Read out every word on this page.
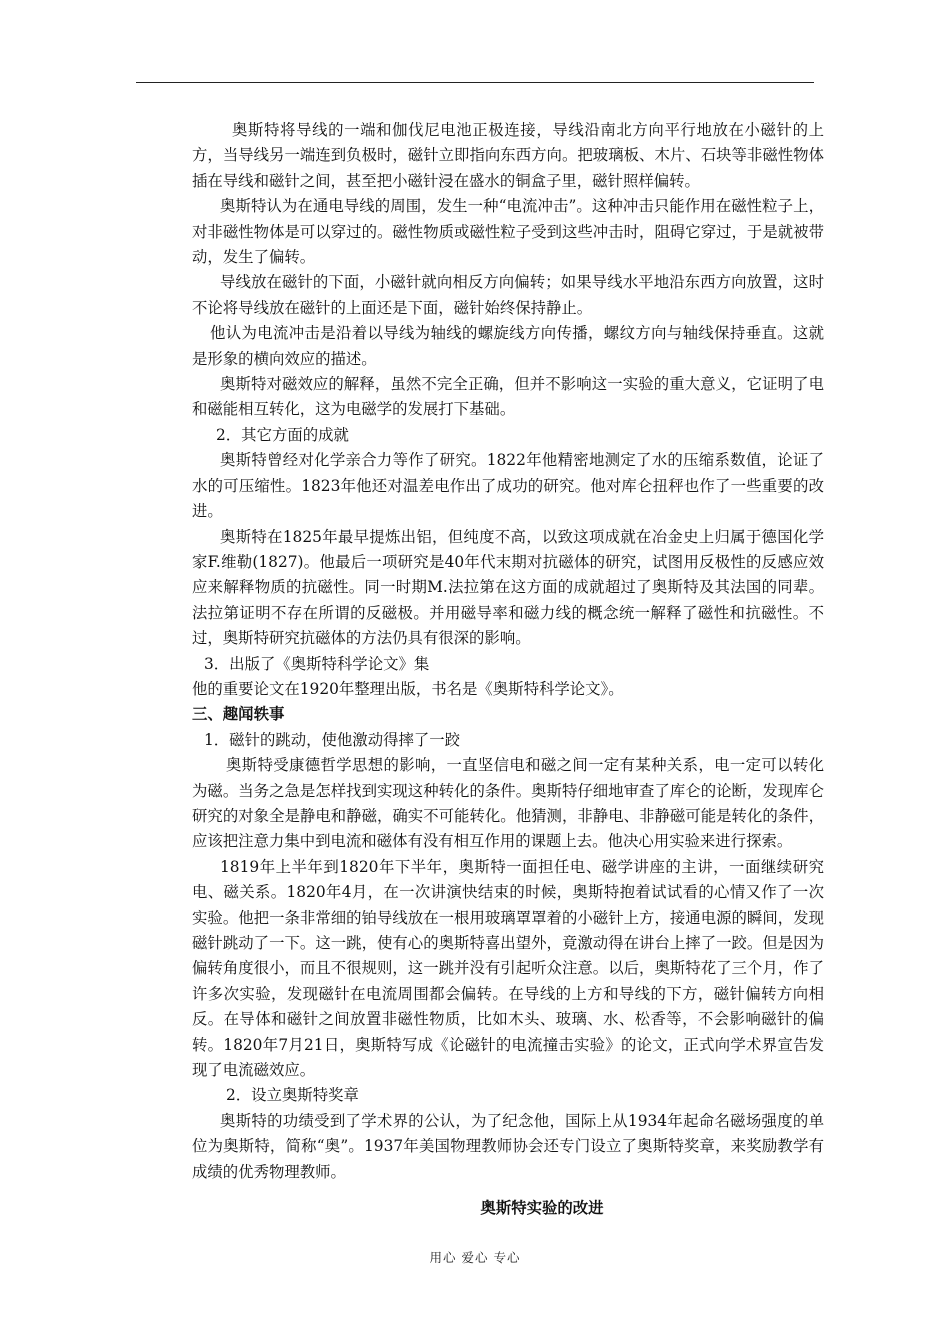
奥斯特将导线的一端和伽伐尼电池正极连接，导线沿南北方向平行地放在小磁针的上方，当导线另一端连到负极时，磁针立即指向东西方向。把玻璃板、木片、石块等非磁性物体插在导线和磁针之间，甚至把小磁针浸在盛水的铜盒子里，磁针照样偏转。

奥斯特认为在通电导线的周围，发生一种“电流冲击”。这种冲击只能作用在磁性粒子上，对非磁性物体是可以穿过的。磁性物质或磁性粒子受到这些冲击时，阻碍它穿过，于是就被带动，发生了偏转。

导线放在磁针的下面，小磁针就向相反方向偏转；如果导线水平地沿东西方向放置，这时不论将导线放在磁针的上面还是下面，磁针始终保持静止。

他认为电流冲击是沿着以导线为轴线的螺旋线方向传播，螺纹方向与轴线保持垂直。这就是形象的横向效应的描述。

奥斯特对磁效应的解释，虽然不完全正确，但并不影响这一实验的重大意义，它证明了电和磁能相互转化，这为电磁学的发展打下基础。

2．其它方面的成就

奥斯特曾经对化学亲合力等作了研究。1822年他精密地测定了水的压缩系数值，论证了水的可压缩性。1823年他还对温差电作出了成功的研究。他对库仑扭秤也作了一些重要的改进。

奥斯特在1825年最早提炼出铝，但纯度不高，以致这项成就在冶金史上归属于德国化学家F.维勒(1827)。他最后一项研究是40年代末期对抗磁体的研究，试图用反极性的反感应效应来解释物质的抗磁性。同一时期M.法拉第在这方面的成就超过了奥斯特及其法国的同辈。法拉第证明不存在所谓的反磁极。并用磁导率和磁力线的概念统一解释了磁性和抗磁性。不过，奥斯特研究抗磁体的方法仍具有很深的影响。

3．出版了《奥斯特科学论文》集

他的重要论文在1920年整理出版，书名是《奥斯特科学论文》。

三、趣闻轶事

1．磁针的跳动，使他激动得摔了一跤

奥斯特受康德哲学思想的影响，一直坚信电和磁之间一定有某种关系，电一定可以转化为磁。当务之急是怎样找到实现这种转化的条件。奥斯特仔细地审查了库仑的论断，发现库仑研究的对象全是静电和静磁，确实不可能转化。他猜测，非静电、非静磁可能是转化的条件，应该把注意力集中到电流和磁体有没有相互作用的课题上去。他决心用实验来进行探索。

1819年上半年到1820年下半年，奥斯特一面担任电、磁学讲座的主讲，一面继续研究电、磁关系。1820年4月，在一次讲演快结束的时候，奥斯特抱着试试看的心情又作了一次实验。他把一条非常细的铂导线放在一根用玻璃罩罩着的小磁针上方，接通电源的瞬间，发现磁针跳动了一下。这一跳，使有心的奥斯特喜出望外，竟激动得在讲台上摔了一跤。但是因为偏转角度很小，而且不很规则，这一跳并没有引起听众注意。以后，奥斯特花了三个月，作了许多次实验，发现磁针在电流周围都会偏转。在导线的上方和导线的下方，磁针偏转方向相反。在导体和磁针之间放置非磁性物质，比如木头、玻璃、水、松香等，不会影响磁针的偏转。1820年7月21日，奥斯特写成《论磁针的电流撞击实验》的论文，正式向学术界宣告发现了电流磁效应。

2．设立奥斯特奖章

奥斯特的功绩受到了学术界的公认，为了纪念他，国际上从1934年起命名磁场强度的单位为奥斯特，简称“奥”。1937年美国物理教师协会还专门设立了奥斯特奖章，来奖励教学有成绩的优秀物理教师。

奥斯特实验的改进

用心 爱心 专心
